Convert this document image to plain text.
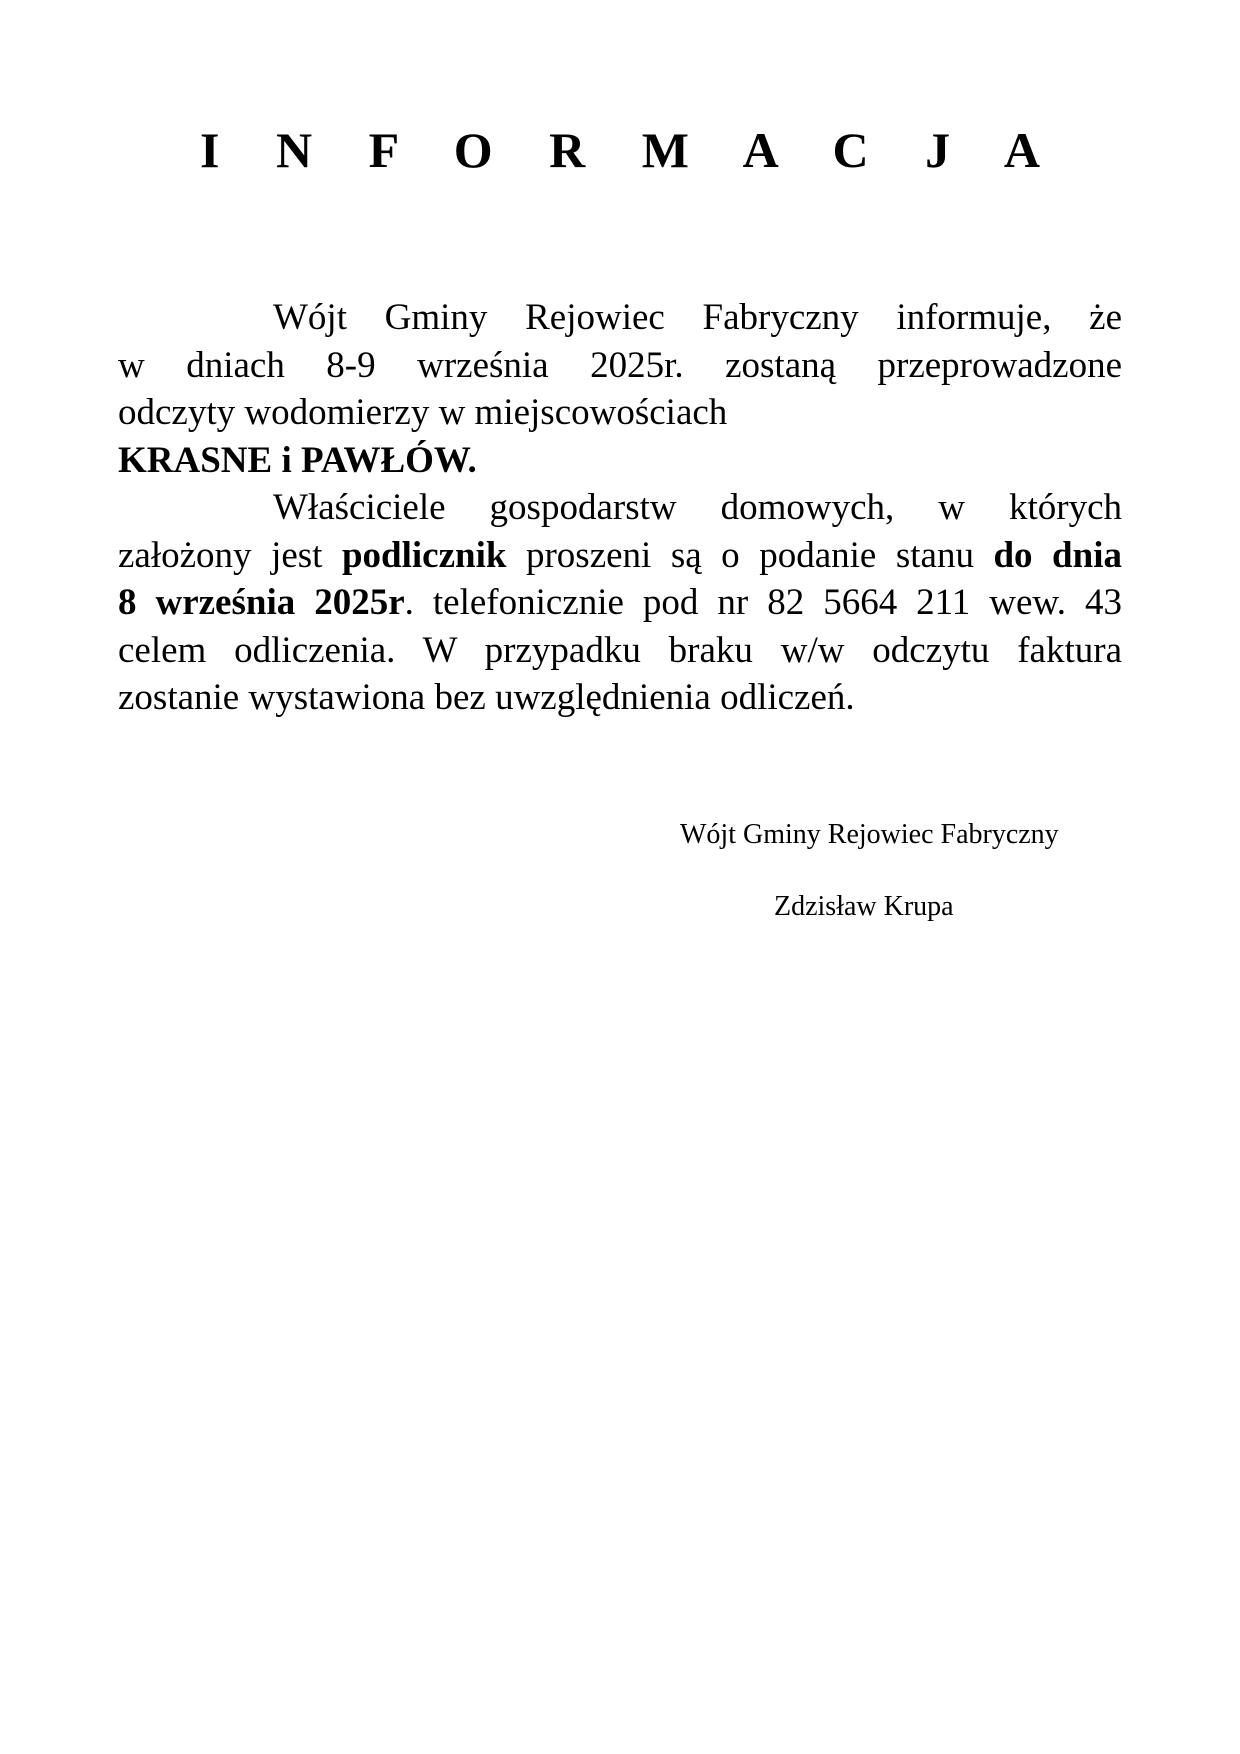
I N F O R M A C J A
Wójt Gminy Rejowiec Fabryczny informuje, że
w dniach 8-9 września 2025r. zostaną przeprowadzone
odczyty wodomierzy w miejscowościach
KRASNE i PAWŁÓW.
Właściciele gospodarstw domowych, w których
założony jest podlicznik proszeni są o podanie stanu do dnia
8 września 2025r. telefonicznie pod nr 82 5664 211 wew. 43
celem odliczenia. W przypadku braku w/w odczytu faktura
zostanie wystawiona bez uwzględnienia odliczeń.
Wójt Gminy Rejowiec Fabryczny
Zdzisław Krupa
